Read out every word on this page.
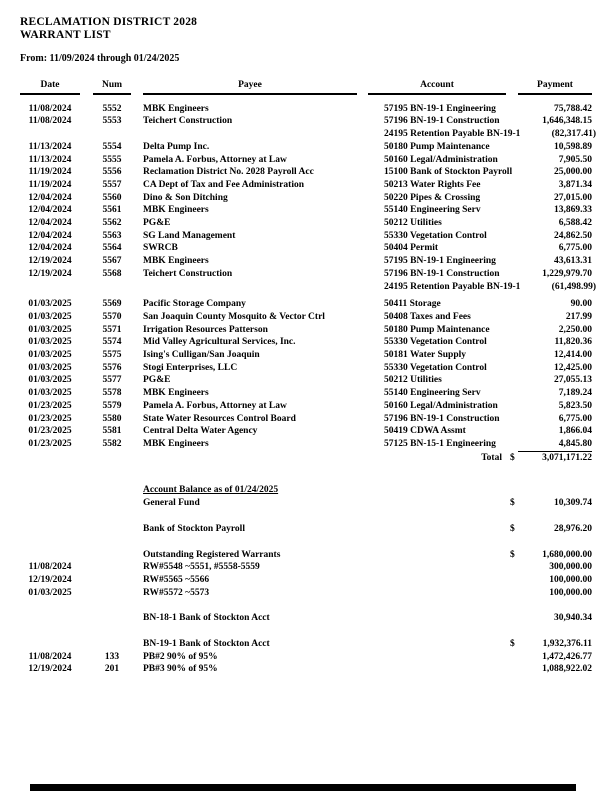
RECLAMATION DISTRICT 2028
WARRANT LIST
From: 11/09/2024 through 01/24/2025
Date	Num	Payee	Account	Payment
11/08/2024	5552	MBK Engineers	57195 BN-19-1 Engineering	75,788.42
11/08/2024	5553	Teichert Construction	57196 BN-19-1 Construction	1,646,348.15
24195 Retention Payable BN-19-1	(82,317.41)
11/13/2024	5554	Delta Pump Inc.	50180 Pump Maintenance	10,598.89
11/13/2024	5555	Pamela A. Forbus, Attorney at Law	50160 Legal/Administration	7,905.50
11/19/2024	5556	Reclamation District No. 2028 Payroll Acc	15100 Bank of Stockton Payroll	25,000.00
11/19/2024	5557	CA Dept of Tax and Fee Administration	50213 Water Rights Fee	3,871.34
12/04/2024	5560	Dino & Son Ditching	50220 Pipes & Crossing	27,015.00
12/04/2024	5561	MBK Engineers	55140 Engineering Serv	13,869.33
12/04/2024	5562	PG&E	50212 Utilities	6,588.42
12/04/2024	5563	SG Land Management	55330 Vegetation Control	24,862.50
12/04/2024	5564	SWRCB	50404 Permit	6,775.00
12/19/2024	5567	MBK Engineers	57195 BN-19-1 Engineering	43,613.31
12/19/2024	5568	Teichert Construction	57196 BN-19-1 Construction	1,229,979.70
24195 Retention Payable BN-19-1	(61,498.99)
01/03/2025	5569	Pacific Storage Company	50411 Storage	90.00
01/03/2025	5570	San Joaquin County Mosquito & Vector Ctrl	50408 Taxes and Fees	217.99
01/03/2025	5571	Irrigation Resources Patterson	50180 Pump Maintenance	2,250.00
01/03/2025	5574	Mid Valley Agricultural Services, Inc.	55330 Vegetation Control	11,820.36
01/03/2025	5575	Ising's Culligan/San Joaquin	50181 Water Supply	12,414.00
01/03/2025	5576	Stogi Enterprises, LLC	55330 Vegetation Control	12,425.00
01/03/2025	5577	PG&E	50212 Utilities	27,055.13
01/03/2025	5578	MBK Engineers	55140 Engineering Serv	7,189.24
01/23/2025	5579	Pamela A. Forbus, Attorney at Law	50160 Legal/Administration	5,823.50
01/23/2025	5580	State Water Resources Control Board	57196 BN-19-1 Construction	6,775.00
01/23/2025	5581	Central Delta Water Agency	50419 CDWA Assmt	1,866.04
01/23/2025	5582	MBK Engineers	57125 BN-15-1 Engineering	4,845.80
Total $	3,071,171.22
Account Balance as of 01/24/2025
General Fund	$	10,309.74
Bank of Stockton Payroll	$	28,976.20
Outstanding Registered Warrants	$	1,680,000.00
11/08/2024	RW#5548 ~5551, #5558-5559	300,000.00
12/19/2024	RW#5565 ~5566	100,000.00
01/03/2025	RW#5572 ~5573	100,000.00
BN-18-1 Bank of Stockton Acct	30,940.34
BN-19-1 Bank of Stockton Acct	$	1,932,376.11
11/08/2024	133	PB#2 90% of 95%	1,472,426.77
12/19/2024	201	PB#3 90% of 95%	1,088,922.02
